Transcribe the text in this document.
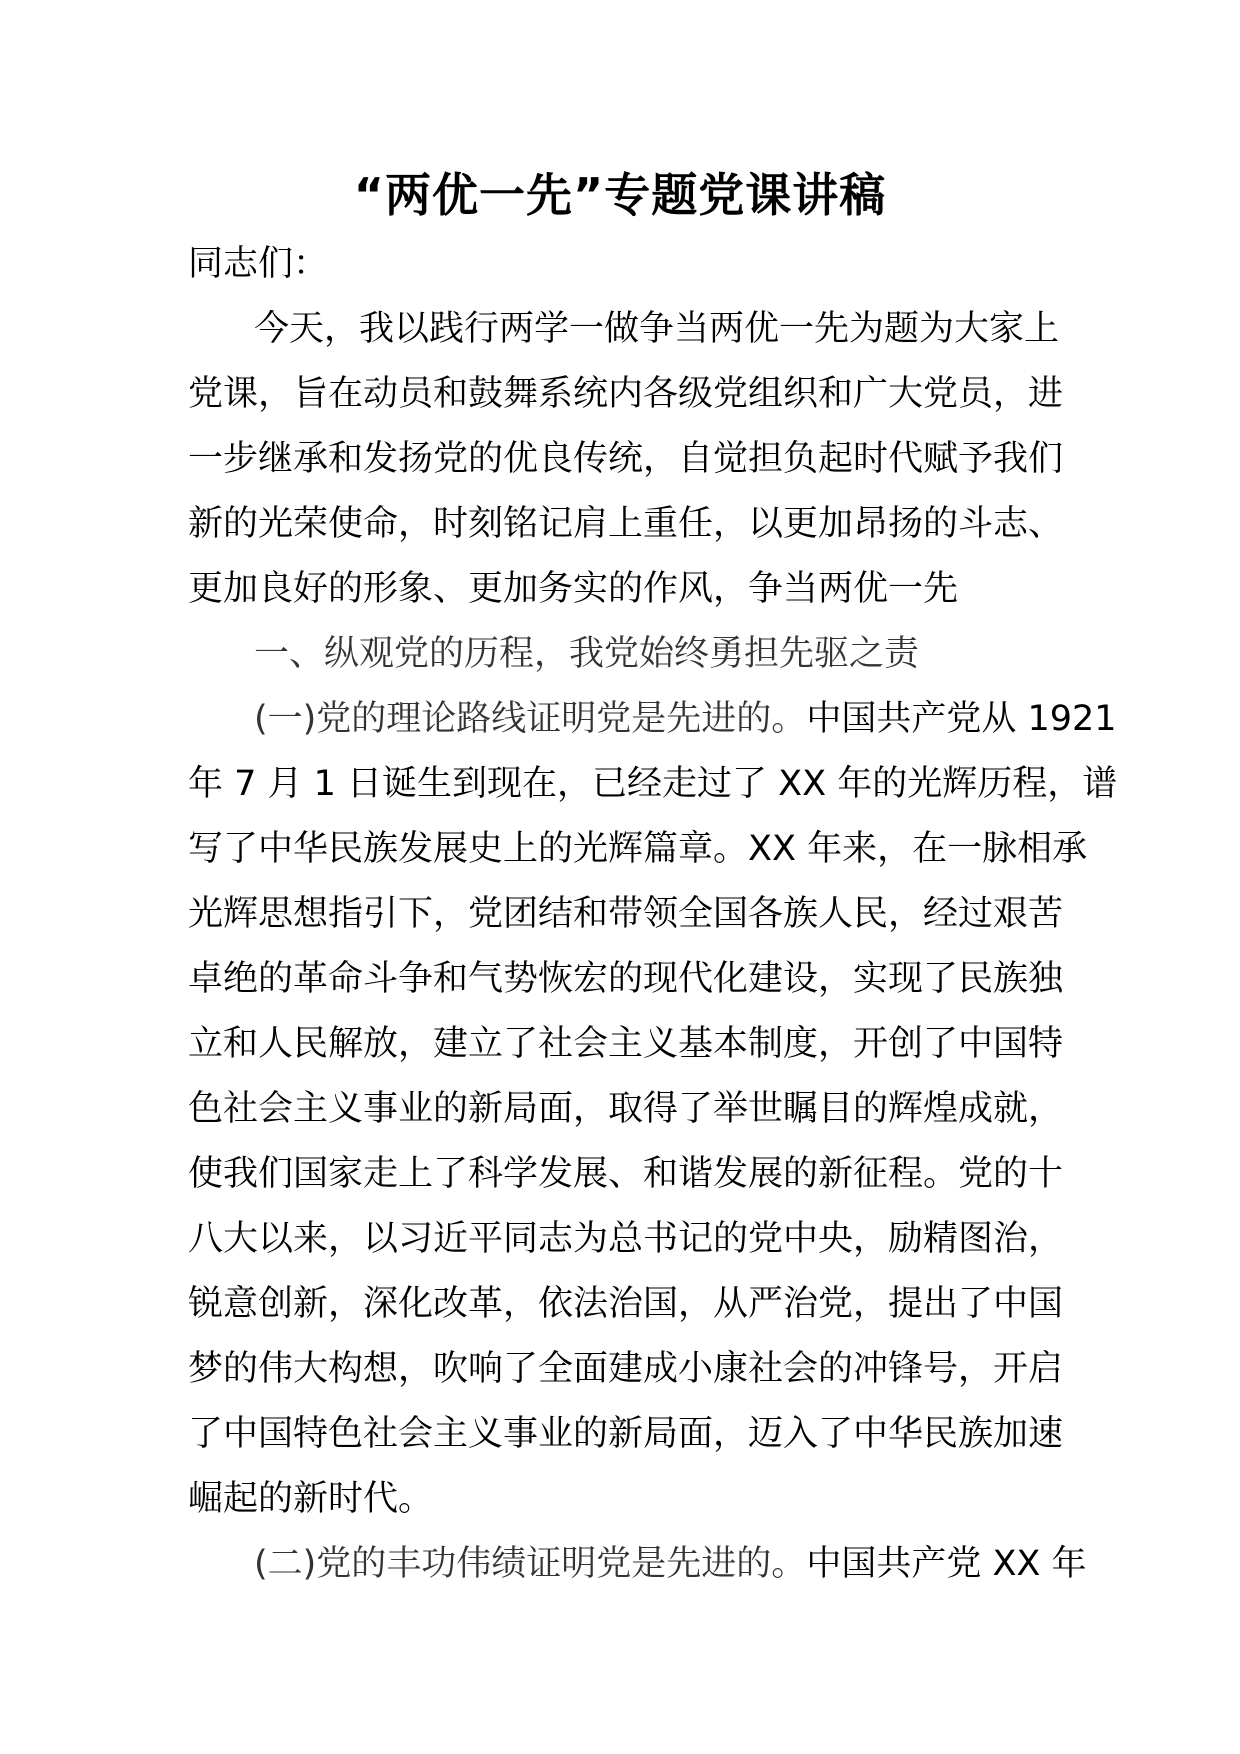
“两优一先”专题党课讲稿
同志们：
今天，我以践行两学一做争当两优一先为题为大家上
党课，旨在动员和鼓舞系统内各级党组织和广大党员，进
一步继承和发扬党的优良传统，自觉担负起时代赋予我们
新的光荣使命，时刻铭记肩上重任，以更加昂扬的斗志、
更加良好的形象、更加务实的作风，争当两优一先
一、纵观党的历程，我党始终勇担先驱之责
(一)党的理论路线证明党是先进的。中国共产党从 1921
年 7 月 1 日诞生到现在，已经走过了 XX 年的光辉历程，谱
写了中华民族发展史上的光辉篇章。XX 年来，在一脉相承
光辉思想指引下，党团结和带领全国各族人民，经过艰苦
卓绝的革命斗争和气势恢宏的现代化建设，实现了民族独
立和人民解放，建立了社会主义基本制度，开创了中国特
色社会主义事业的新局面，取得了举世瞩目的辉煌成就，
使我们国家走上了科学发展、和谐发展的新征程。党的十
八大以来，以习近平同志为总书记的党中央，励精图治，
锐意创新，深化改革，依法治国，从严治党，提出了中国
梦的伟大构想，吹响了全面建成小康社会的冲锋号，开启
了中国特色社会主义事业的新局面，迈入了中华民族加速
崛起的新时代。
(二)党的丰功伟绩证明党是先进的。中国共产党 XX 年
